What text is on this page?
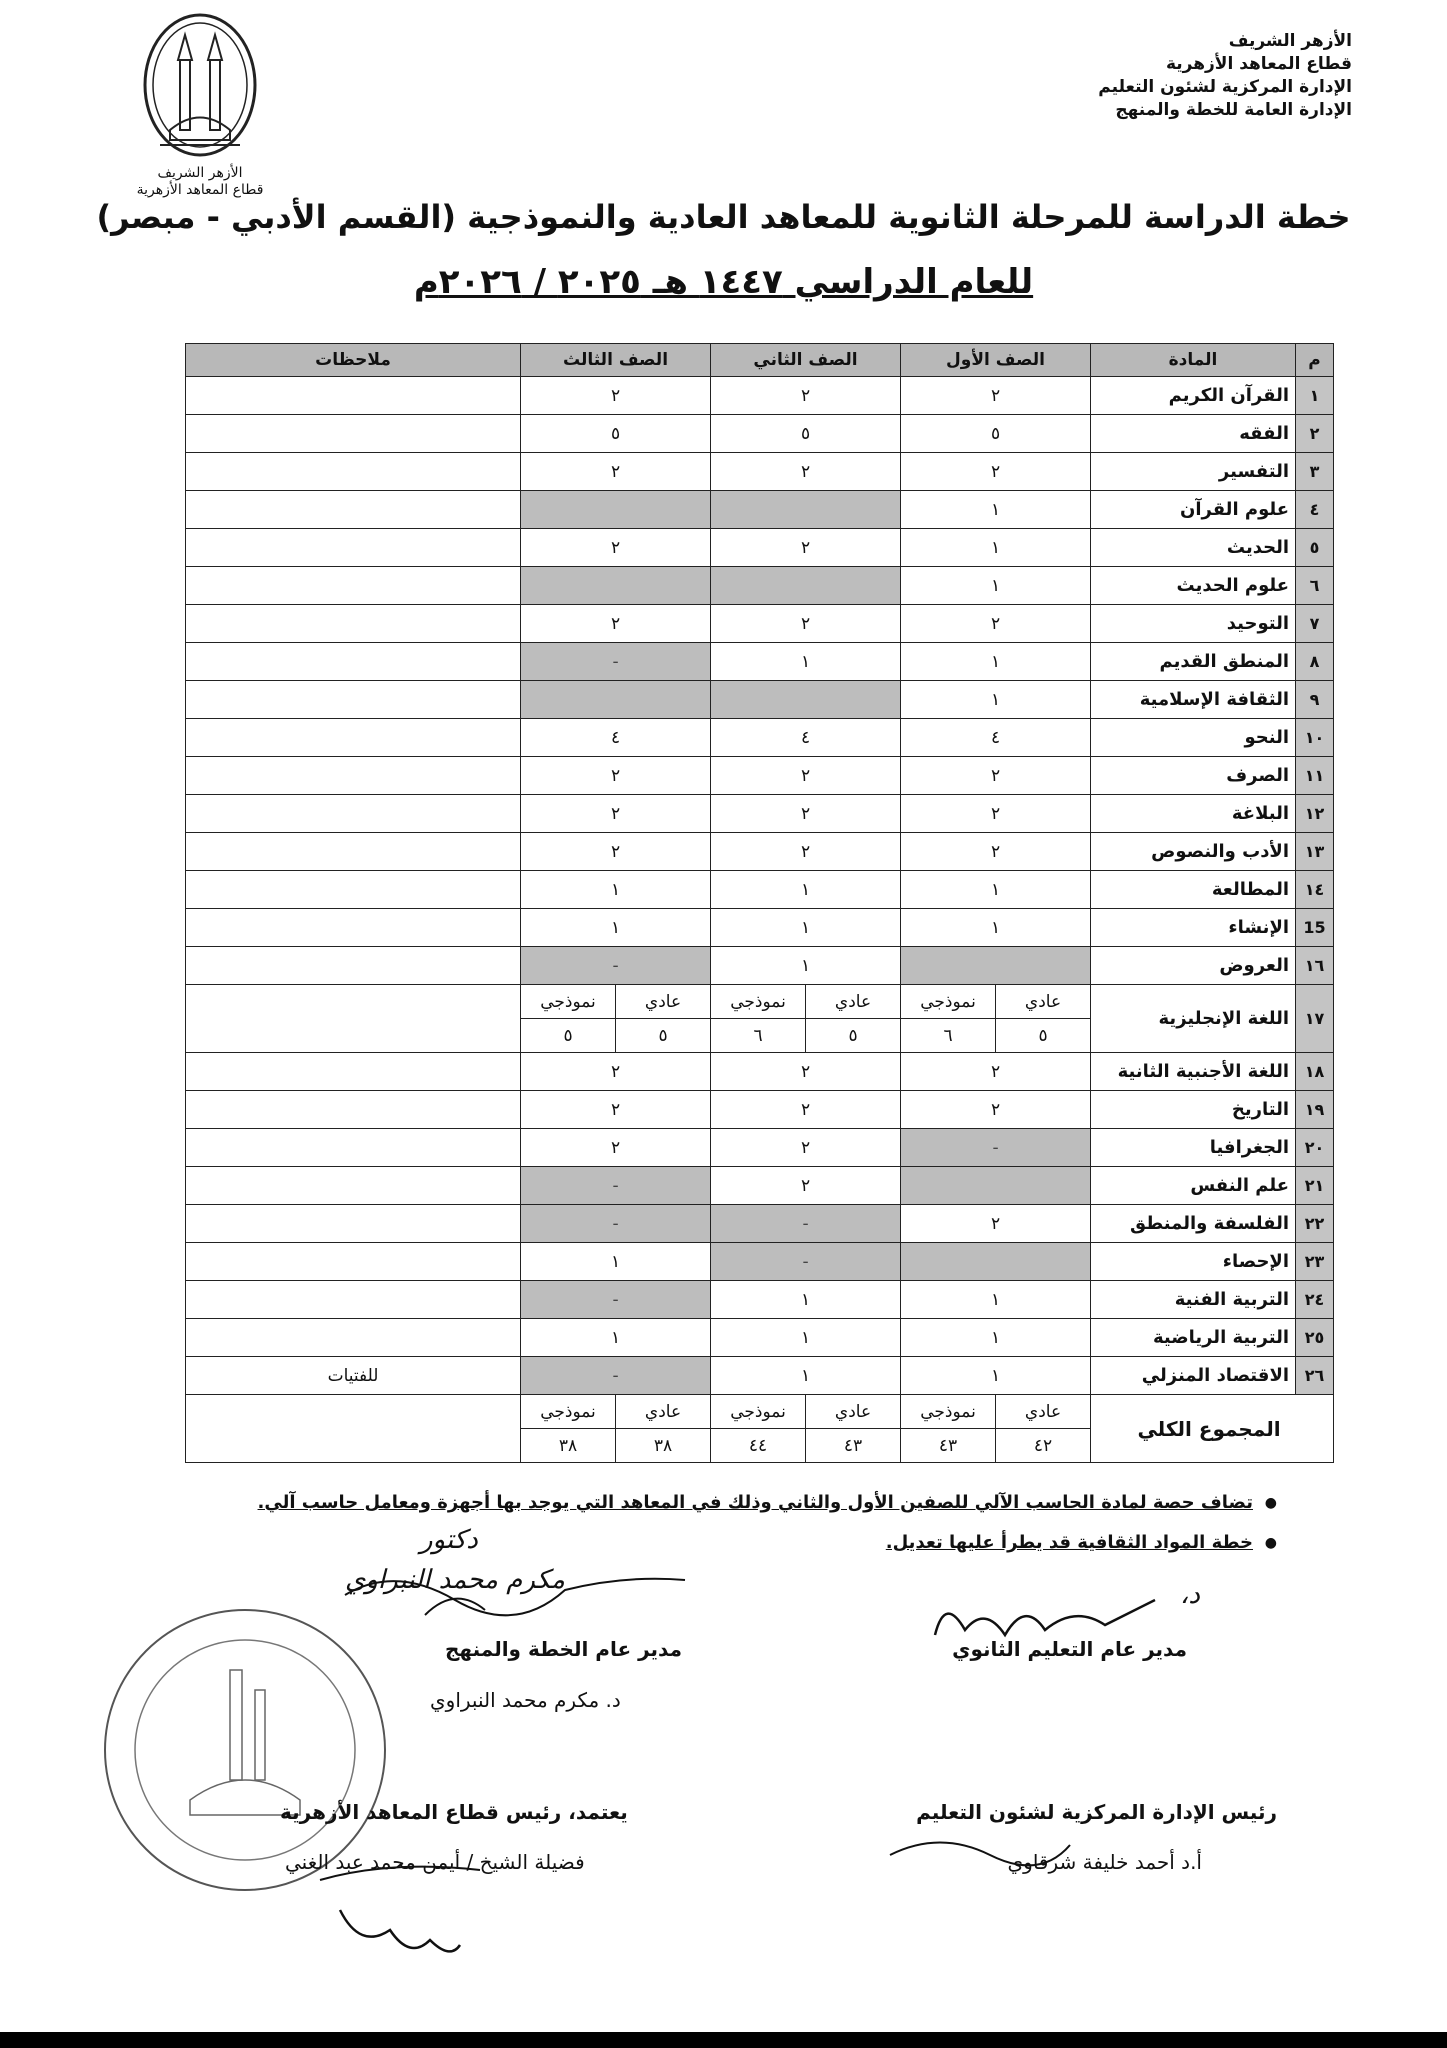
الأزهر الشريف
قطاع المعاهد الأزهرية
الإدارة المركزية لشئون التعليم
الإدارة العامة للخطة والمنهج
الأزهر الشريف
قطاع المعاهد الأزهرية
خطة الدراسة للمرحلة الثانوية للمعاهد العادية والنموذجية (القسم الأدبي - مبصر)
للعام الدراسي ١٤٤٧ هـ ٢٠٢٥ / ٢٠٢٦م
م	المادة	الصف الأول		الصف الثاني		الصف الثالث		ملاحظات
١	القرآن الكريم	٢		٢		٢		
٢	الفقه	٥		٥		٥		
٣	التفسير	٢		٢		٢		
٤	علوم القرآن	١						
٥	الحديث	١		٢		٢		
٦	علوم الحديث	١						
٧	التوحيد	٢		٢		٢		
٨	المنطق القديم	١		١		-		
٩	الثقافة الإسلامية	١						
١٠	النحو	٤		٤		٤		
١١	الصرف	٢		٢		٢		
١٢	البلاغة	٢		٢		٢		
١٣	الأدب والنصوص	٢		٢		٢		
١٤	المطالعة	١		١		١		
15	الإنشاء	١		١		١		
١٦	العروض			١		-		
١٧	اللغة الإنجليزية	عادي	نموذجي	عادي	نموذجي	عادي	نموذجي	
		٥	٦	٥	٦	٥	٥	
١٨	اللغة الأجنبية الثانية	٢		٢		٢		
١٩	التاريخ	٢		٢		٢		
٢٠	الجغرافيا	-		٢		٢		
٢١	علم النفس			٢		-		
٢٢	الفلسفة والمنطق	٢		-		-		
٢٣	الإحصاء			-		١		
٢٤	التربية الفنية	١		١		-		
٢٥	التربية الرياضية	١		١		١		
٢٦	الاقتصاد المنزلي	١		١		-		للفتيات
المجموع الكلي		عادي	نموذجي	عادي	نموذجي	عادي	نموذجي	
		٤٢	٤٣	٤٣	٤٤	٣٨	٣٨	
● تضاف حصة لمادة الحاسب الآلي للصفين الأول والثاني وذلك في المعاهد التي يوجد بها أجهزة ومعامل حاسب آلي.
● خطة المواد الثقافية قد يطرأ عليها تعديل.
دكتور
مكرم محمد النبراوي	د،
مدير عام التعليم الثانوي
مدير عام الخطة والمنهج
د. مكرم محمد النبراوي
رئيس الإدارة المركزية لشئون التعليم
أ.د أحمد خليفة شرقاوي
يعتمد، رئيس قطاع المعاهد الأزهرية
فضيلة الشيخ / أيمن محمد عبد الغني
